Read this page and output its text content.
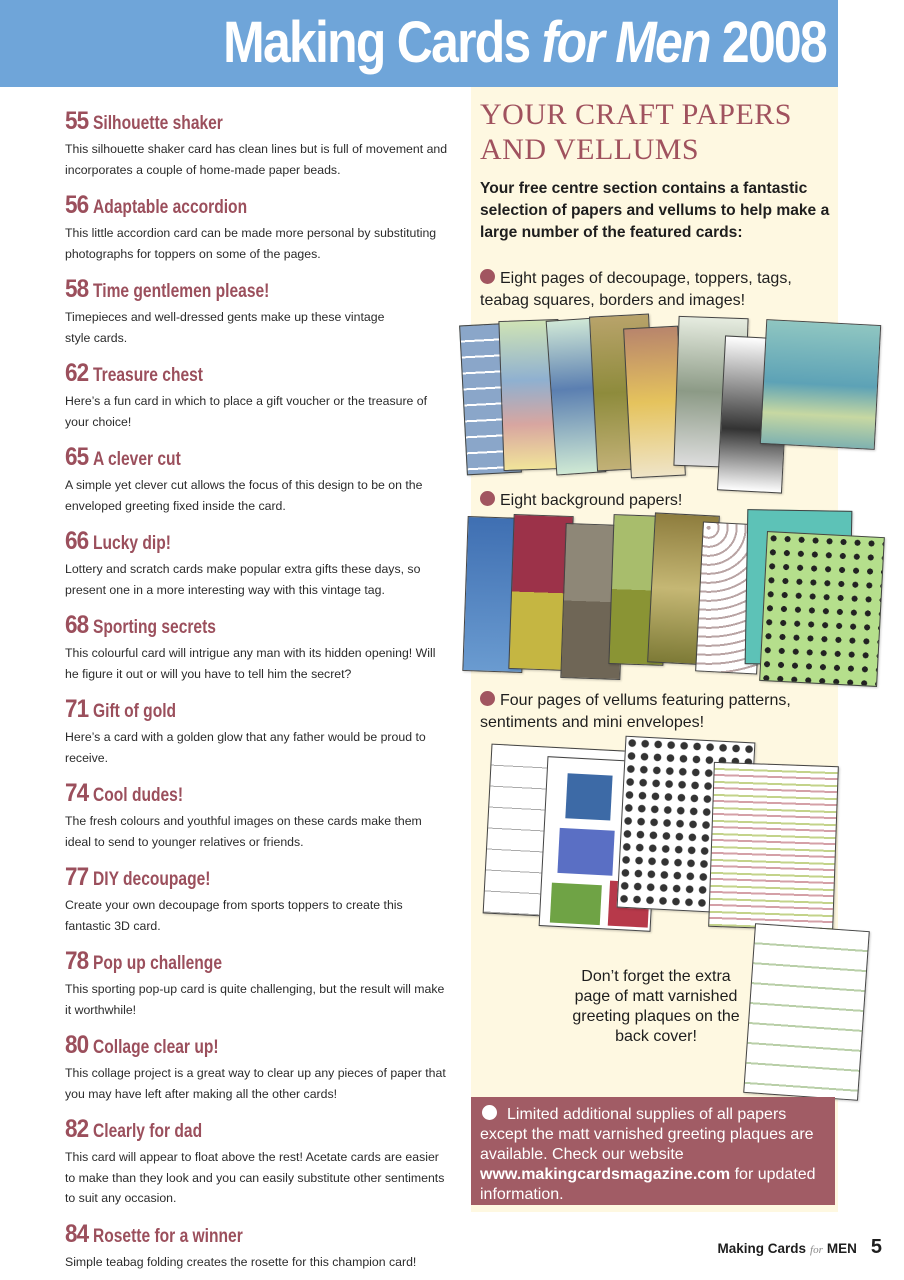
Making Cards for Men 2008
55
Silhouette shaker
This silhouette shaker card has clean lines but is full of movement and incorporates a couple of home-made paper beads.
56
Adaptable accordion
This little accordion card can be made more personal by substituting photographs for toppers on some of the pages.
58
Time gentlemen please!
Timepieces and well-dressed gents make up these vintage style cards.
62
Treasure chest
Here’s a fun card in which to place a gift voucher or the treasure of your choice!
65
A clever cut
A simple yet clever cut allows the focus of this design to be on the enveloped greeting fixed inside the card.
66
Lucky dip!
Lottery and scratch cards make popular extra gifts these days, so present one in a more interesting way with this vintage tag.
68
Sporting secrets
This colourful card will intrigue any man with its hidden opening! Will he figure it out or will you have to tell him the secret?
71
Gift of gold
Here’s a card with a golden glow that any father would be proud to receive.
74
Cool dudes!
The fresh colours and youthful images on these cards make them ideal to send to younger relatives or friends.
77
DIY decoupage!
Create your own decoupage from sports toppers to create this fantastic 3D card.
78
Pop up challenge
This sporting pop-up card is quite challenging, but the result will make it worthwhile!
80
Collage clear up!
This collage project is a great way to clear up any pieces of paper that you may have left after making all the other cards!
82
Clearly for dad
This card will appear to float above the rest! Acetate cards are easier to make than they look and you can easily substitute other sentiments to suit any occasion.
84
Rosette for a winner
Simple teabag folding creates the rosette for this champion card!
YOUR CRAFT PAPERS AND VELLUMS
Your free centre section contains a fantastic selection of papers and vellums to help make a large number of the featured cards:
Eight pages of decoupage, toppers, tags, teabag squares, borders and images!
Eight background papers!
Four pages of vellums featuring patterns, sentiments and mini envelopes!
Don’t forget the extra page of matt varnished greeting plaques on the back cover!
Limited additional supplies of all papers except the matt varnished greeting plaques are available. Check our website www.makingcardsmagazine.com for updated information.
Making Cards for MEN 5
